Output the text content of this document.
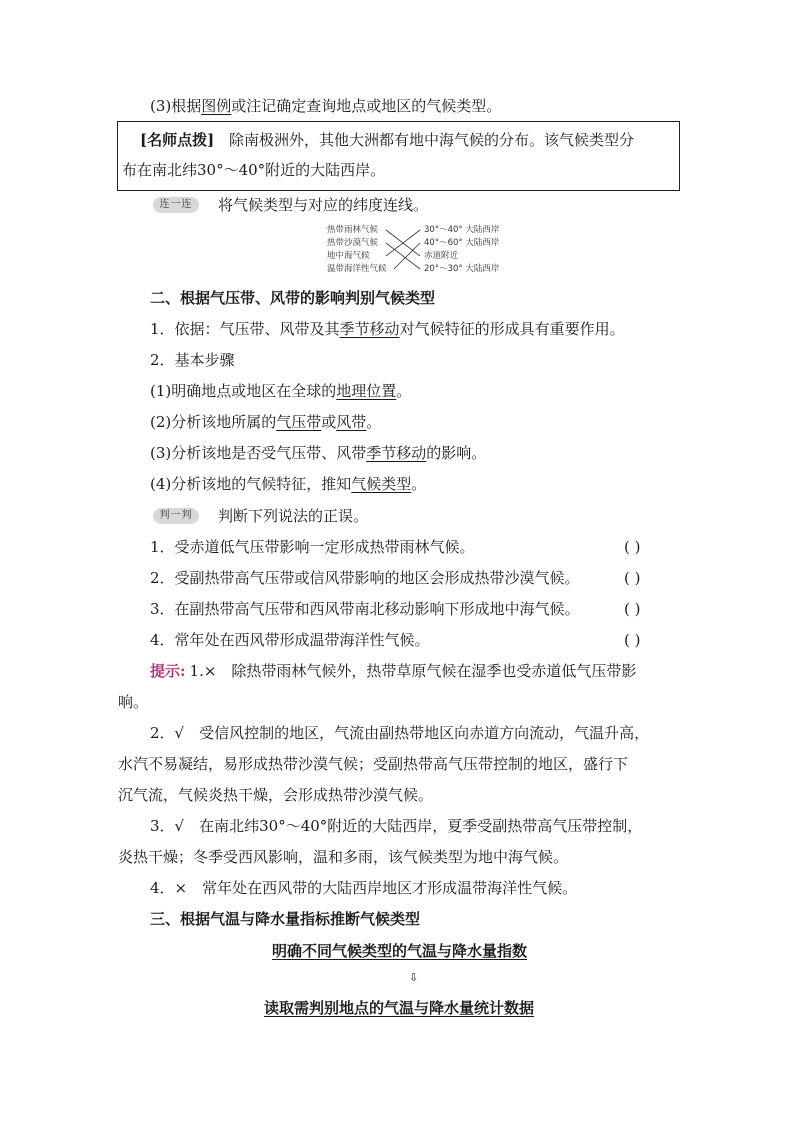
(3)根据图例或注记确定查询地点或地区的气候类型。
[名师点拨] 除南极洲外，其他大洲都有地中海气候的分布。该气候类型分
布在南北纬30°～40°附近的大陆西岸。
连一连	将气候类型与对应的纬度连线。
热带雨林气候
热带沙漠气候
地中海气候
温带海洋性气候
30°～40° 大陆西岸
40°～60° 大陆西岸
赤道附近
20°～30° 大陆西岸
二、根据气压带、风带的影响判别气候类型
1．依据：气压带、风带及其季节移动对气候特征的形成具有重要作用。
2．基本步骤
(1)明确地点或地区在全球的地理位置。
(2)分析该地所属的气压带或风带。
(3)分析该地是否受气压带、风带季节移动的影响。
(4)分析该地的气候特征，推知气候类型。
判一判	判断下列说法的正误。
1．受赤道低气压带影响一定形成热带雨林气候。	( )
2．受副热带高气压带或信风带影响的地区会形成热带沙漠气候。	( )
3．在副热带高气压带和西风带南北移动影响下形成地中海气候。	( )
4．常年处在西风带形成温带海洋性气候。	( )
提示: 1.×　除热带雨林气候外，热带草原气候在湿季也受赤道低气压带影
响。
2．√　受信风控制的地区，气流由副热带地区向赤道方向流动，气温升高，
水汽不易凝结，易形成热带沙漠气候；受副热带高气压带控制的地区，盛行下
沉气流，气候炎热干燥，会形成热带沙漠气候。
3．√　在南北纬30°～40°附近的大陆西岸，夏季受副热带高气压带控制，
炎热干燥；冬季受西风影响，温和多雨，该气候类型为地中海气候。
4．×　常年处在西风带的大陆西岸地区才形成温带海洋性气候。
三、根据气温与降水量指标推断气候类型
明确不同气候类型的气温与降水量指数
⇩
读取需判别地点的气温与降水量统计数据
